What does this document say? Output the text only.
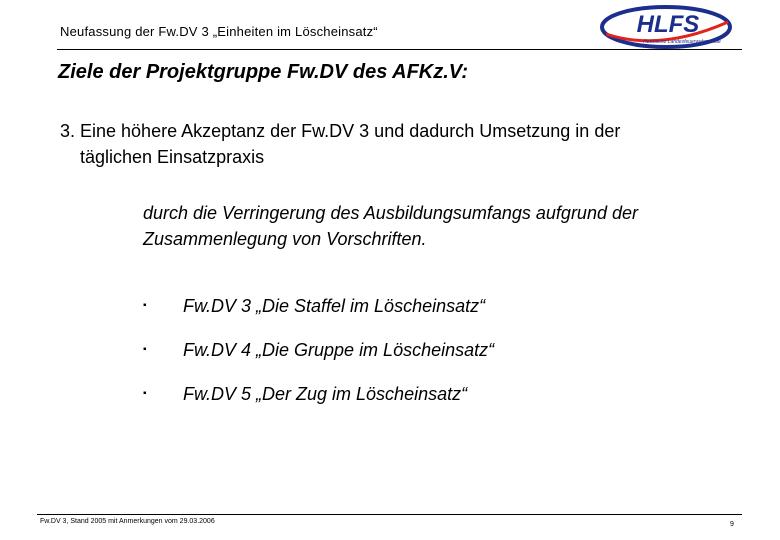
Neufassung der Fw.DV 3 „Einheiten im Löscheinsatz“	HLFS
Hessische Landesfeuerwehrschule
Ziele der Projektgruppe Fw.DV des AFKz.V:
3. Eine höhere Akzeptanz der Fw.DV 3 und dadurch Umsetzung in der
täglichen Einsatzpraxis
durch die Verringerung des Ausbildungsumfangs aufgrund der
Zusammenlegung von Vorschriften.
▪ Fw.DV 3 „Die Staffel im Löscheinsatz“
▪ Fw.DV 4 „Die Gruppe im Löscheinsatz“
▪ Fw.DV 5 „Der Zug im Löscheinsatz“
Fw.DV 3, Stand 2005 mit Anmerkungen vom 29.03.2006	9
